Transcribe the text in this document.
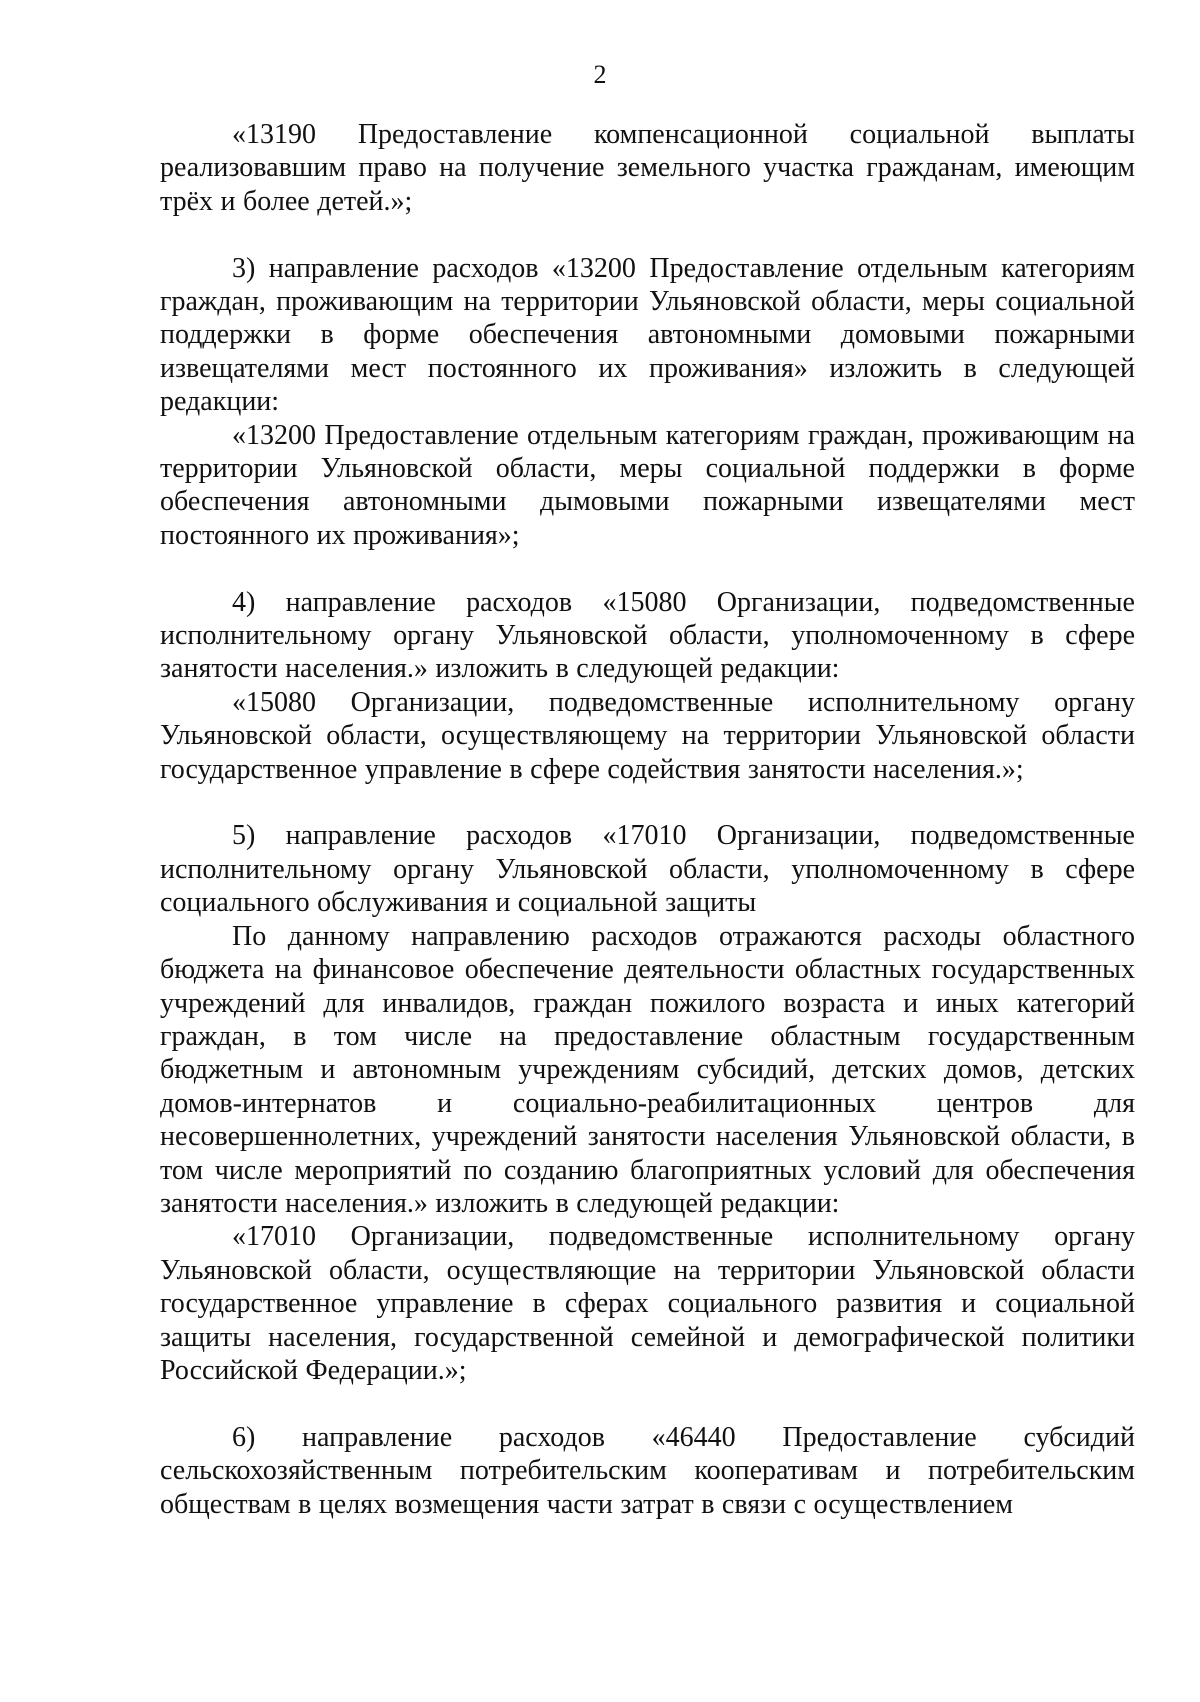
2

«13190 Предоставление компенсационной социальной выплаты реализовавшим право на получение земельного участка гражданам, имеющим трёх и более детей.»;

3) направление расходов «13200 Предоставление отдельным категориям граждан, проживающим на территории Ульяновской области, меры социальной поддержки в форме обеспечения автономными домовыми пожарными извещателями мест постоянного их проживания» изложить в следующей редакции:

«13200 Предоставление отдельным категориям граждан, проживающим на территории Ульяновской области, меры социальной поддержки в форме обеспечения автономными дымовыми пожарными извещателями мест постоянного их проживания»;

4) направление расходов «15080 Организации, подведомственные исполнительному органу Ульяновской области, уполномоченному в сфере занятости населения.» изложить в следующей редакции:

«15080 Организации, подведомственные исполнительному органу Ульяновской области, осуществляющему на территории Ульяновской области государственное управление в сфере содействия занятости населения.»;

5) направление расходов «17010 Организации, подведомственные исполнительному органу Ульяновской области, уполномоченному в сфере социального обслуживания и социальной защиты

По данному направлению расходов отражаются расходы областного бюджета на финансовое обеспечение деятельности областных государственных учреждений для инвалидов, граждан пожилого возраста и иных категорий граждан, в том числе на предоставление областным государственным бюджетным и автономным учреждениям субсидий, детских домов, детских домов-интернатов и социально-реабилитационных центров для несовершеннолетних, учреждений занятости населения Ульяновской области, в том числе мероприятий по созданию благоприятных условий для обеспечения занятости населения.» изложить в следующей редакции:

«17010 Организации, подведомственные исполнительному органу Ульяновской области, осуществляющие на территории Ульяновской области государственное управление в сферах социального развития и социальной защиты населения, государственной семейной и демографической политики Российской Федерации.»;

6) направление расходов «46440 Предоставление субсидий сельскохозяйственным потребительским кооперативам и потребительским обществам в целях возмещения части затрат в связи с осуществлением
